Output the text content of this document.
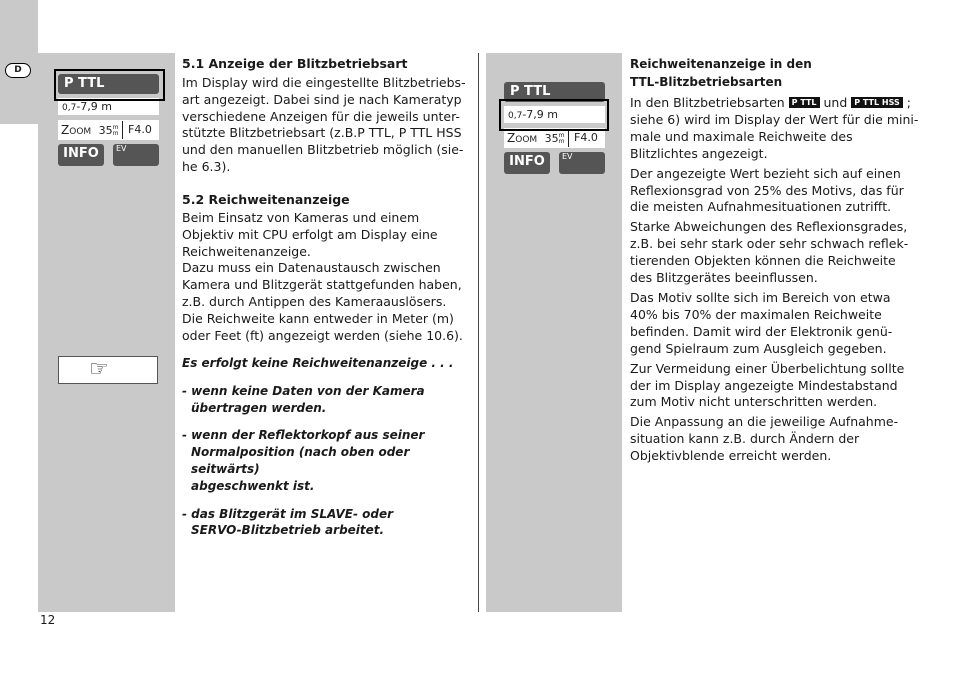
D
P TTL
0,7-7,9 m
ZOOM 35m
m F4.0
INFO	EV
☞
5.1 Anzeige der Blitzbetriebsart
Im Display wird die eingestellte Blitzbetriebs-
art angezeigt. Dabei sind je nach Kameratyp
verschiedene Anzeigen für die jeweils unter-
stützte Blitzbetriebsart (z.B.P TTL, P TTL HSS
und den manuellen Blitzbetrieb möglich (sie-
he 6.3).
5.2 Reichweitenanzeige
Beim Einsatz von Kameras und einem
Objektiv mit CPU erfolgt am Display eine
Reichweitenanzeige.
Dazu muss ein Datenaustausch zwischen
Kamera und Blitzgerät stattgefunden haben,
z.B. durch Antippen des Kameraauslösers.
Die Reichweite kann entweder in Meter (m)
oder Feet (ft) angezeigt werden (siehe 10.6).
Es erfolgt keine Reichweitenanzeige . . .
- wenn keine Daten von der Kamera
übertragen werden.
- wenn der Reflektorkopf aus seiner
Normalposition (nach oben oder seitwärts)
abgeschwenkt ist.
- das Blitzgerät im SLAVE- oder
SERVO-Blitzbetrieb arbeitet.
P TTL
0,7-7,9 m
ZOOM 35m
m F4.0
INFO	EV
Reichweitenanzeige in den
TTL-Blitzbetriebsarten
In den Blitzbetriebsarten P TTL und P TTL HSS ;
siehe 6) wird im Display der Wert für die mini-
male und maximale Reichweite des
Blitzlichtes angezeigt.
Der angezeigte Wert bezieht sich auf einen
Reflexionsgrad von 25% des Motivs, das für
die meisten Aufnahmesituationen zutrifft.
Starke Abweichungen des Reflexionsgrades,
z.B. bei sehr stark oder sehr schwach reflek-
tierenden Objekten können die Reichweite
des Blitzgerätes beeinflussen.
Das Motiv sollte sich im Bereich von etwa
40% bis 70% der maximalen Reichweite
befinden. Damit wird der Elektronik genü-
gend Spielraum zum Ausgleich gegeben.
Zur Vermeidung einer Überbelichtung sollte
der im Display angezeigte Mindestabstand
zum Motiv nicht unterschritten werden.
Die Anpassung an die jeweilige Aufnahme-
situation kann z.B. durch Ändern der
Objektivblende erreicht werden.
12
